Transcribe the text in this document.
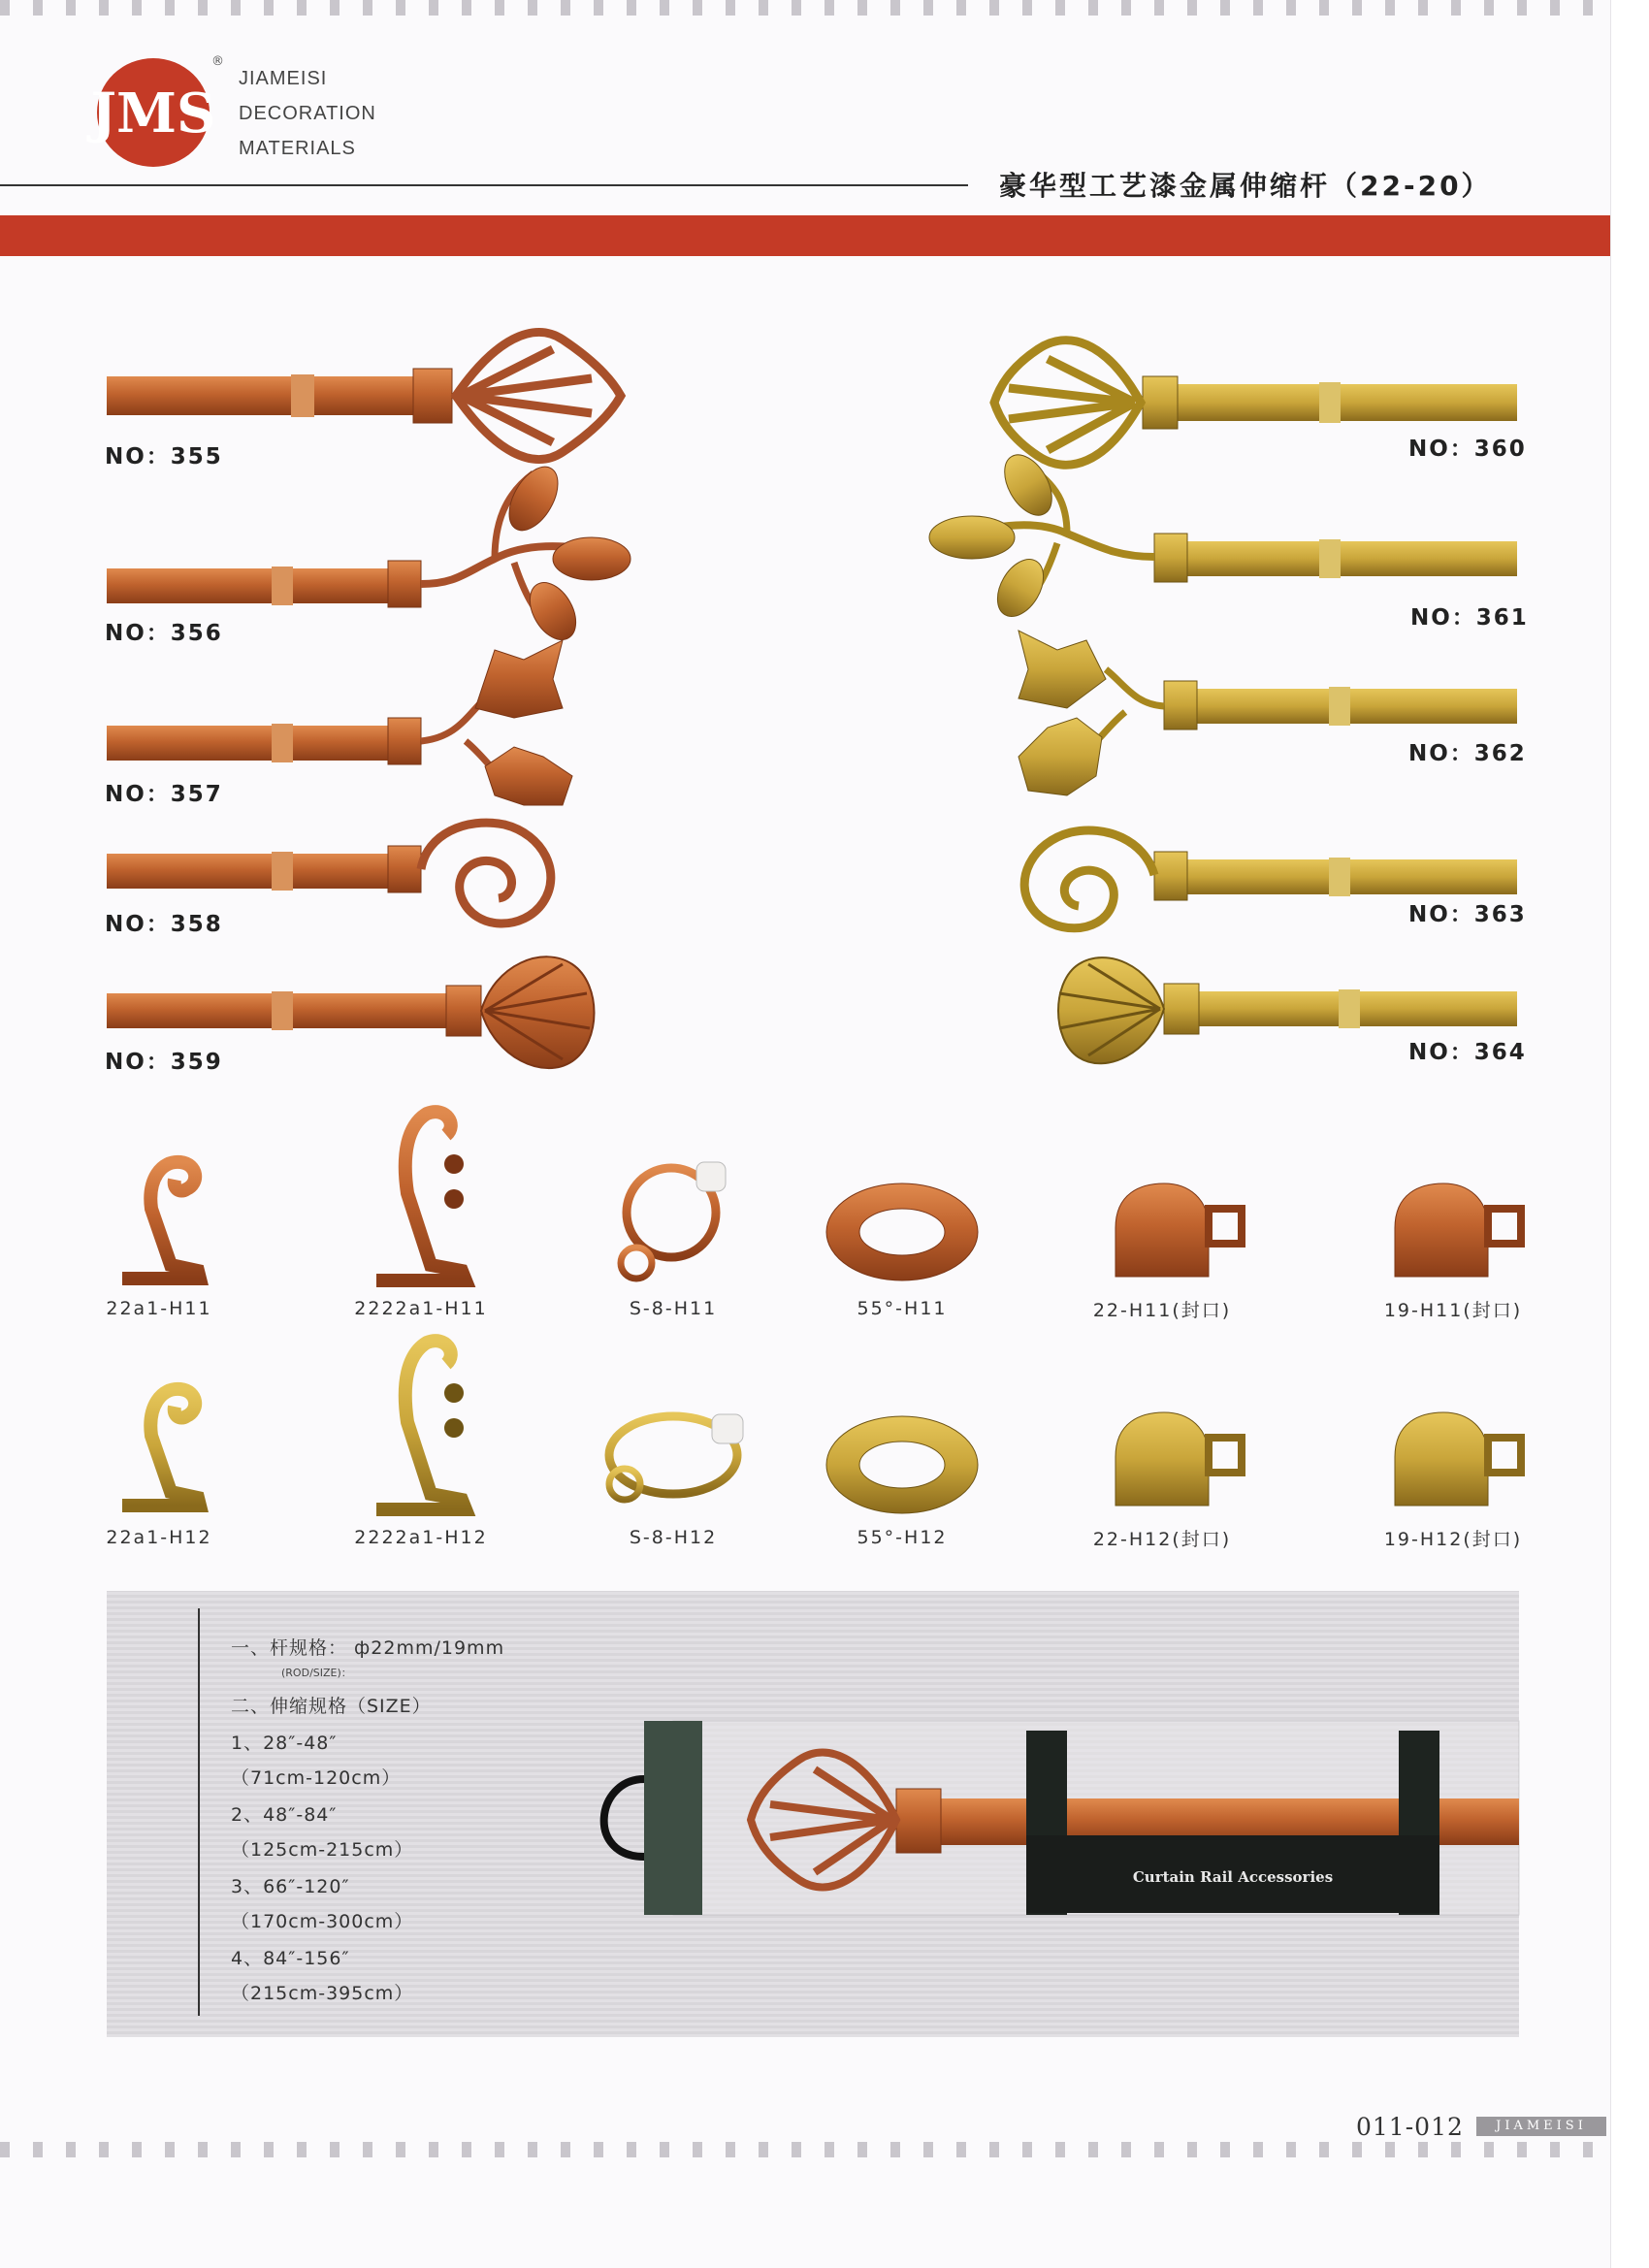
JMS
®
JIAMEISI
DECORATION
MATERIALS
豪华型工艺漆金属伸缩杆（22-20）
NO：355
NO：356
NO：357
NO：358
NO：359
NO：360
NO：361
NO：362
NO：363
NO：364
22a1-H11	2222a1-H11	S-8-H11	55°-H11	22-H11(封口)	19-H11(封口)
22a1-H12	2222a1-H12	S-8-H12	55°-H12	22-H12(封口)	19-H12(封口)
一、杆规格： ф22mm/19mm
(ROD/SIZE)：
二、伸缩规格（SIZE）
1、28″-48″
（71cm-120cm）
2、48″-84″
（125cm-215cm）
3、66″-120″
（170cm-300cm）
4、84″-156″
（215cm-395cm）
Curtain Rail Accessories
011-012	JIAMEISI
